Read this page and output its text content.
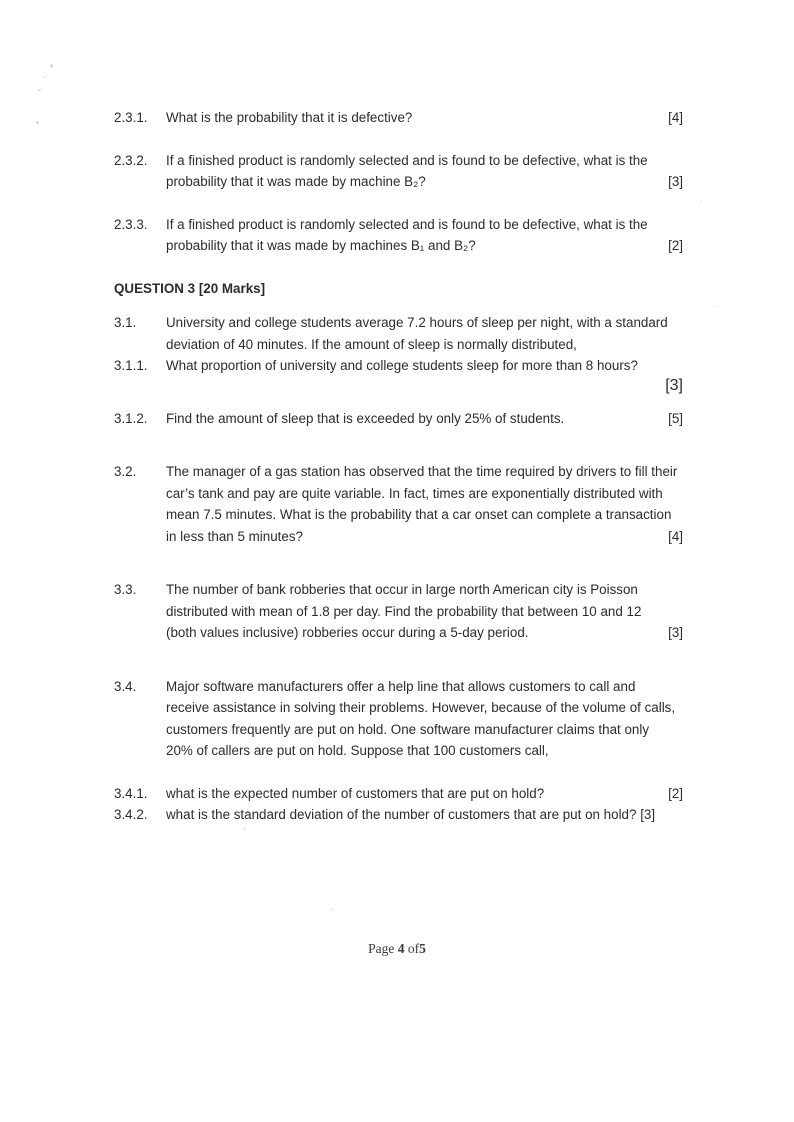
2.3.1.	What is the probability that it is defective?	[4]
2.3.2.	If a finished product is randomly selected and is found to be defective, what is the
probability that it was made by machine B₂?	[3]
2.3.3.	If a finished product is randomly selected and is found to be defective, what is the
probability that it was made by machines B₁ and B₂?	[2]
QUESTION 3 [20 Marks]
3.1.	University and college students average 7.2 hours of sleep per night, with a standard
deviation of 40 minutes. If the amount of sleep is normally distributed,
3.1.1.	What proportion of university and college students sleep for more than 8 hours?
[3]
3.1.2.	Find the amount of sleep that is exceeded by only 25% of students.	[5]
3.2.	The manager of a gas station has observed that the time required by drivers to fill their
car’s tank and pay are quite variable. In fact, times are exponentially distributed with
mean 7.5 minutes. What is the probability that a car onset can complete a transaction
in less than 5 minutes?	[4]
3.3.	The number of bank robberies that occur in large north American city is Poisson
distributed with mean of 1.8 per day. Find the probability that between 10 and 12
(both values inclusive) robberies occur during a 5-day period.	[3]
3.4.	Major software manufacturers offer a help line that allows customers to call and
receive assistance in solving their problems. However, because of the volume of calls,
customers frequently are put on hold. One software manufacturer claims that only
20% of callers are put on hold. Suppose that 100 customers call,
3.4.1.	what is the expected number of customers that are put on hold?	[2]
3.4.2.	what is the standard deviation of the number of customers that are put on hold? [3]
Page 4 of5
